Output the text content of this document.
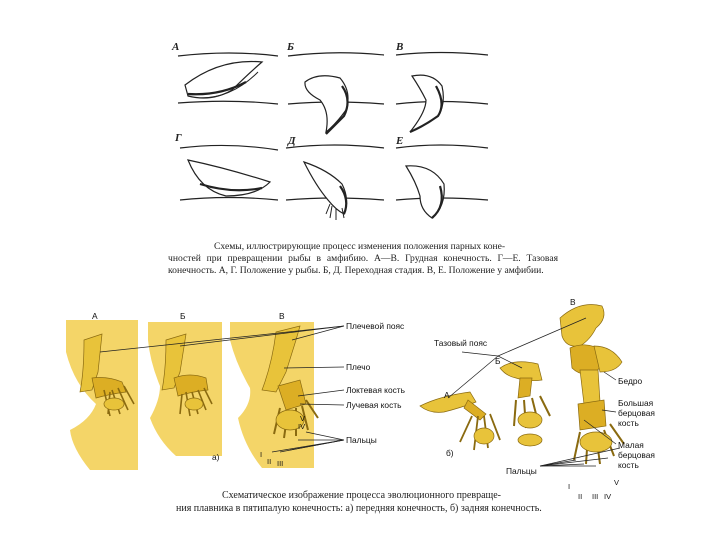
А	Б	В
Г	Д	Е
Схемы, иллюстрирующие процесс изменения положения парных коне-
чностей при превращении рыбы в амфибию. А—В. Грудная конечность. Г—Е. Тазовая конечность. А, Г. Положение у рыбы. Б, Д. Переходная стадия. В, Е. Положение у амфибии.
А	Б	В
Плечевой пояс
Плечо
Локтевая кость
Лучевая кость
Пальцы
а)	I
II III
IV
V
Тазовый пояс
А
Б
В
Бедро
Большая берцовая кость
Малая берцовая кость
Пальцы
б)
I
II III IV
V
Схематическое изображение процесса эволюционного превраще-
ния плавника в пятипалую конечность: а) передняя конечность, б) задняя конечность.
